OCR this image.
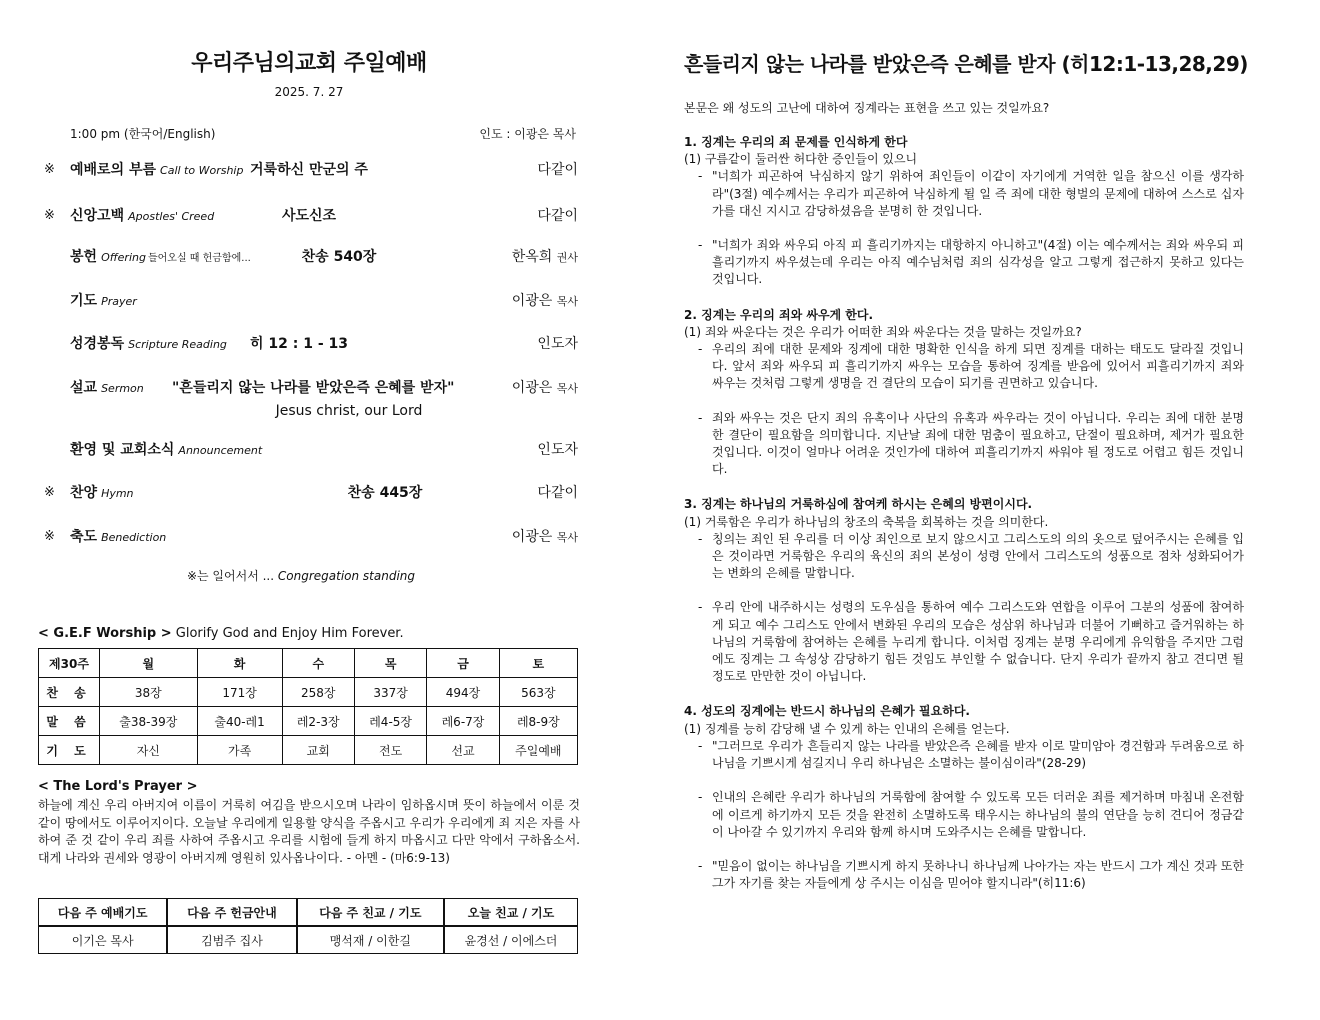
우리주님의교회 주일예배
2025. 7. 27
1:00 pm (한국어/English)	인도 : 이광은 목사
※ 예배로의 부름 Call to Worship 거룩하신 만군의 주	다같이
※ 신앙고백 Apostles' Creed	사도신조	다같이
봉헌 Offering 들어오실 때 헌금함에...	찬송 540장	한옥희 권사
기도 Prayer	이광은 목사
성경봉독 Scripture Reading	히 12 : 1 - 13	인도자
설교 Sermon "흔들리지 않는 나라를 받았은즉 은혜를 받자"	이광은 목사
Jesus christ, our Lord
환영 및 교회소식 Announcement	인도자
※ 찬양 Hymn	찬송 445장	다같이
※ 축도 Benediction	이광은 목사
※는 일어서서 ... Congregation standing
< G.E.F Worship > Glorify God and Enjoy Him Forever.
제30주	월	화	수	목	금	토
찬 송	38장	171장	258장	337장	494장	563장
말 씀	출38-39장	출40-레1	레2-3장	레4-5장	레6-7장	레8-9장
기 도	자신	가족	교회	전도	선교	주일예배
< The Lord's Prayer >
하늘에 계신 우리 아버지여 이름이 거룩히 여김을 받으시오며 나라이 임하옵시며 뜻이 하늘에서 이룬 것 같이 땅에서도 이루어지이다. 오늘날 우리에게 일용할 양식을 주옵시고 우리가 우리에게 죄 지은 자를 사하여 준 것 같이 우리 죄를 사하여 주옵시고 우리를 시험에 들게 하지 마옵시고 다만 악에서 구하옵소서. 대게 나라와 권세와 영광이 아버지께 영원히 있사옵나이다. - 아멘 - (마6:9-13)
다음 주 예배기도	다음 주 헌금안내	다음 주 친교 / 기도	오늘 친교 / 기도
이기은 목사	김범주 집사	맹석재 / 이한길	윤경선 / 이에스더
흔들리지 않는 나라를 받았은즉 은혜를 받자 (히12:1-13,28,29)
본문은 왜 성도의 고난에 대하여 징계라는 표현을 쓰고 있는 것일까요?
1. 징계는 우리의 죄 문제를 인식하게 한다
(1) 구름같이 둘러싼 허다한 증인들이 있으니
- "너희가 피곤하여 낙심하지 않기 위하여 죄인들이 이같이 자기에게 거역한 일을 참으신 이를 생각하라"(3절) 예수께서는 우리가 피곤하여 낙심하게 될 일 즉 죄에 대한 형벌의 문제에 대하여 스스로 십자가를 대신 지시고 감당하셨음을 분명히 한 것입니다.
- "너희가 죄와 싸우되 아직 피 흘리기까지는 대항하지 아니하고"(4절) 이는 예수께서는 죄와 싸우되 피흘리기까지 싸우셨는데 우리는 아직 예수님처럼 죄의 심각성을 알고 그렇게 접근하지 못하고 있다는 것입니다.
2. 징계는 우리의 죄와 싸우게 한다.
(1) 죄와 싸운다는 것은 우리가 어떠한 죄와 싸운다는 것을 말하는 것일까요?
- 우리의 죄에 대한 문제와 징계에 대한 명확한 인식을 하게 되면 징계를 대하는 태도도 달라질 것입니다. 앞서 죄와 싸우되 피 흘리기까지 싸우는 모습을 통하여 징계를 받음에 있어서 피흘리기까지 죄와 싸우는 것처럼 그렇게 생명을 건 결단의 모습이 되기를 권면하고 있습니다.
- 죄와 싸우는 것은 단지 죄의 유혹이나 사단의 유혹과 싸우라는 것이 아닙니다. 우리는 죄에 대한 분명한 결단이 필요함을 의미합니다. 지난날 죄에 대한 멈춤이 필요하고, 단절이 필요하며, 제거가 필요한 것입니다. 이것이 얼마나 어려운 것인가에 대하여 피흘리기까지 싸워야 될 정도로 어렵고 힘든 것입니다.
3. 징계는 하나님의 거룩하심에 참여케 하시는 은혜의 방편이시다.
(1) 거룩함은 우리가 하나님의 창조의 축복을 회복하는 것을 의미한다.
- 칭의는 죄인 된 우리를 더 이상 죄인으로 보지 않으시고 그리스도의 의의 옷으로 덮어주시는 은혜를 입은 것이라면 거룩함은 우리의 육신의 죄의 본성이 성령 안에서 그리스도의 성품으로 점차 성화되어가는 변화의 은혜를 말합니다.
- 우리 안에 내주하시는 성령의 도우심을 통하여 예수 그리스도와 연합을 이루어 그분의 성품에 참여하게 되고 예수 그리스도 안에서 변화된 우리의 모습은 성삼위 하나님과 더불어 기뻐하고 즐거워하는 하나님의 거룩함에 참여하는 은혜를 누리게 합니다. 이처럼 징계는 분명 우리에게 유익함을 주지만 그럼에도 징계는 그 속성상 감당하기 힘든 것임도 부인할 수 없습니다. 단지 우리가 끝까지 참고 견디면 될 정도로 만만한 것이 아닙니다.
4. 성도의 징계에는 반드시 하나님의 은혜가 필요하다.
(1) 징계를 능히 감당해 낼 수 있게 하는 인내의 은혜를 얻는다.
- "그러므로 우리가 흔들리지 않는 나라를 받았은즉 은혜를 받자 이로 말미암아 경건함과 두려움으로 하나님을 기쁘시게 섬길지니 우리 하나님은 소멸하는 불이심이라"(28-29)
- 인내의 은혜란 우리가 하나님의 거룩함에 참여할 수 있도록 모든 더러운 죄를 제거하며 마침내 온전함에 이르게 하기까지 모든 것을 완전히 소멸하도록 태우시는 하나님의 불의 연단을 능히 견디어 정금같이 나아갈 수 있기까지 우리와 함께 하시며 도와주시는 은혜를 말합니다.
- "믿음이 없이는 하나님을 기쁘시게 하지 못하나니 하나님께 나아가는 자는 반드시 그가 계신 것과 또한 그가 자기를 찾는 자들에게 상 주시는 이심을 믿어야 할지니라"(히11:6)
